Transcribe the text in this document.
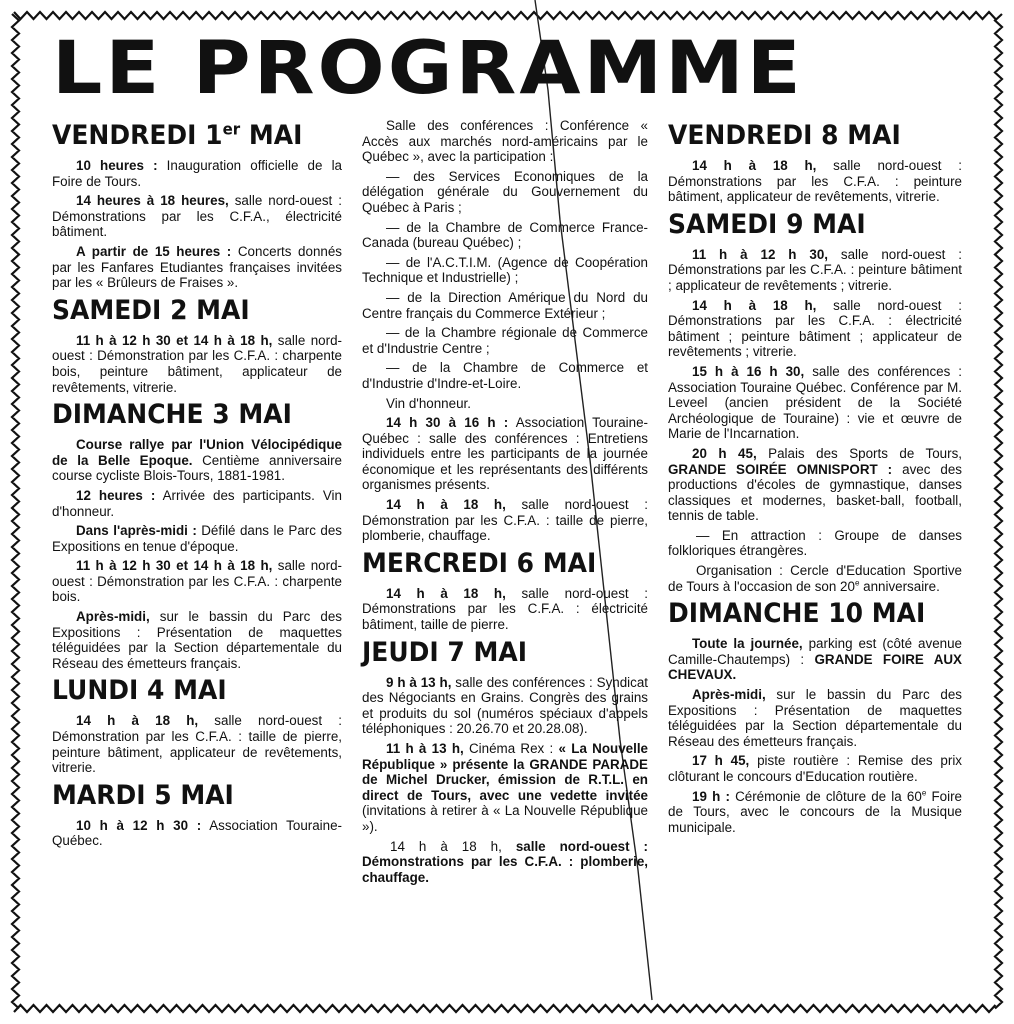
LE PROGRAMME
VENDREDI 1er MAI

10 heures : Inauguration officielle de la Foire de Tours.

14 heures à 18 heures, salle nord-ouest : Démonstrations par les C.F.A., électricité bâtiment.

A partir de 15 heures : Concerts donnés par les Fanfares Etudiantes françaises invitées par les « Brûleurs de Fraises ».

SAMEDI 2 MAI

11 h à 12 h 30 et 14 h à 18 h, salle nord-ouest : Démonstration par les C.F.A. : charpente bois, peinture bâtiment, applicateur de revêtements, vitrerie.

DIMANCHE 3 MAI

Course rallye par l'Union Vélocipédique de la Belle Epoque. Centième anniversaire course cycliste Blois-Tours, 1881-1981.

12 heures : Arrivée des participants. Vin d'honneur.

Dans l'après-midi : Défilé dans le Parc des Expositions en tenue d'époque.

11 h à 12 h 30 et 14 h à 18 h, salle nord-ouest : Démonstration par les C.F.A. : charpente bois.

Après-midi, sur le bassin du Parc des Expositions : Présentation de maquettes téléguidées par la Section départementale du Réseau des émetteurs français.

LUNDI 4 MAI

14 h à 18 h, salle nord-ouest : Démonstration par les C.F.A. : taille de pierre, peinture bâtiment, applicateur de revêtements, vitrerie.

MARDI 5 MAI

10 h à 12 h 30 : Association Touraine-Québec.

Salle des conférences : Conférence « Accès aux marchés nord-américains par le Québec », avec la participation :

— des Services Economiques de la délégation générale du Gouvernement du Québec à Paris ;

— de la Chambre de Commerce France-Canada (bureau Québec) ;

— de l'A.C.T.I.M. (Agence de Coopération Technique et Industrielle) ;

— de la Direction Amérique du Nord du Centre français du Commerce Extérieur ;

— de la Chambre régionale de Commerce et d'Industrie Centre ;

— de la Chambre de Commerce et d'Industrie d'Indre-et-Loire.

Vin d'honneur.

14 h 30 à 16 h : Association Touraine-Québec : salle des conférences : Entretiens individuels entre les participants de la journée économique et les représentants des différents organismes présents.

14 h à 18 h, salle nord-ouest : Démonstration par les C.F.A. : taille de pierre, plomberie, chauffage.

MERCREDI 6 MAI

14 h à 18 h, salle nord-ouest : Démonstrations par les C.F.A. : électricité bâtiment, taille de pierre.

JEUDI 7 MAI

9 h à 13 h, salle des conférences : Syndicat des Négociants en Grains. Congrès des grains et produits du sol (numéros spéciaux d'appels téléphoniques : 20.26.70 et 20.28.08).

11 h à 13 h, Cinéma Rex : « La Nouvelle République » présente la GRANDE PARADE de Michel Drucker, émission de R.T.L. en direct de Tours, avec une vedette invitée (invitations à retirer à « La Nouvelle République »).

14 h à 18 h, salle nord-ouest : Démonstrations par les C.F.A. : plomberie, chauffage.

VENDREDI 8 MAI

14 h à 18 h, salle nord-ouest : Démonstrations par les C.F.A. : peinture bâtiment, applicateur de revêtements, vitrerie.

SAMEDI 9 MAI

11 h à 12 h 30, salle nord-ouest : Démonstrations par les C.F.A. : peinture bâtiment ; applicateur de revêtements ; vitrerie.

14 h à 18 h, salle nord-ouest : Démonstrations par les C.F.A. : électricité bâtiment ; peinture bâtiment ; applicateur de revêtements ; vitrerie.

15 h à 16 h 30, salle des conférences : Association Touraine Québec. Conférence par M. Leveel (ancien président de la Société Archéologique de Touraine) : vie et œuvre de Marie de l'Incarnation.

20 h 45, Palais des Sports de Tours, GRANDE SOIRÉE OMNISPORT : avec des productions d'écoles de gymnastique, danses classiques et modernes, basket-ball, football, tennis de table.

— En attraction : Groupe de danses folkloriques étrangères.

Organisation : Cercle d'Education Sportive de Tours à l'occasion de son 20e anniversaire.

DIMANCHE 10 MAI

Toute la journée, parking est (côté avenue Camille-Chautemps) : GRANDE FOIRE AUX CHEVAUX.

Après-midi, sur le bassin du Parc des Expositions : Présentation de maquettes téléguidées par la Section départementale du Réseau des émetteurs français.

17 h 45, piste routière : Remise des prix clôturant le concours d'Education routière.

19 h : Cérémonie de clôture de la 60e Foire de Tours, avec le concours de la Musique municipale.
